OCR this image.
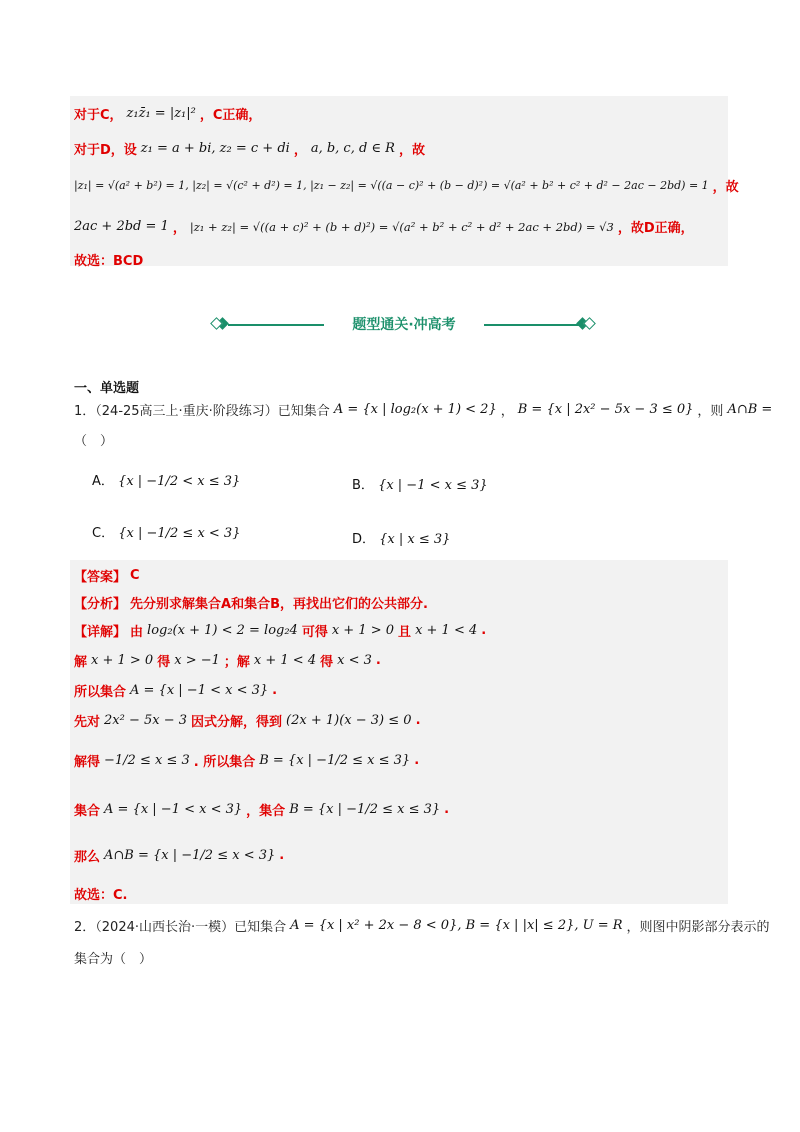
对于C， z₁z̄₁ = |z₁|² ，C正确，
对于D，设 z₁ = a + bi, z₂ = c + di ， a, b, c, d ∈ R ，故
|z₁| = √(a² + b²) = 1, |z₂| = √(c² + d²) = 1, |z₁ − z₂| = √((a − c)² + (b − d)²) = √(a² + b² + c² + d² − 2ac − 2bd) = 1 ，故
2ac + 2bd = 1 ， |z₁ + z₂| = √((a + c)² + (b + d)²) = √(a² + b² + c² + d² + 2ac + 2bd) = √3 ，故D正确，
故选：BCD
题型通关·冲高考
一、单选题
1．（24-25高三上·重庆·阶段练习）已知集合 A = {x | log₂(x + 1) < 2} ， B = {x | 2x² − 5x − 3 ≤ 0} ，则 A∩B =
（　）
A． {x | −1/2 < x ≤ 3}	B． {x | −1 < x ≤ 3}
C． {x | −1/2 ≤ x < 3}	D． {x | x ≤ 3}
【答案】 C
【分析】 先分别求解集合A和集合B，再找出它们的公共部分.
【详解】 由 log₂(x + 1) < 2 = log₂4 可得 x + 1 > 0 且 x + 1 < 4 .
解 x + 1 > 0 得 x > −1 ；解 x + 1 < 4 得 x < 3 .
所以集合 A = {x | −1 < x < 3} .
先对 2x² − 5x − 3 因式分解，得到 (2x + 1)(x − 3) ≤ 0 .
解得 −1/2 ≤ x ≤ 3 . 所以集合 B = {x | −1/2 ≤ x ≤ 3} .
集合 A = {x | −1 < x < 3} ，集合 B = {x | −1/2 ≤ x ≤ 3} .
那么 A∩B = {x | −1/2 ≤ x < 3} .
故选：C.
2．（2024·山西长治·一模）已知集合 A = {x | x² + 2x − 8 < 0}, B = {x | |x| ≤ 2}, U = R ，则图中阴影部分表示的
集合为（　）
